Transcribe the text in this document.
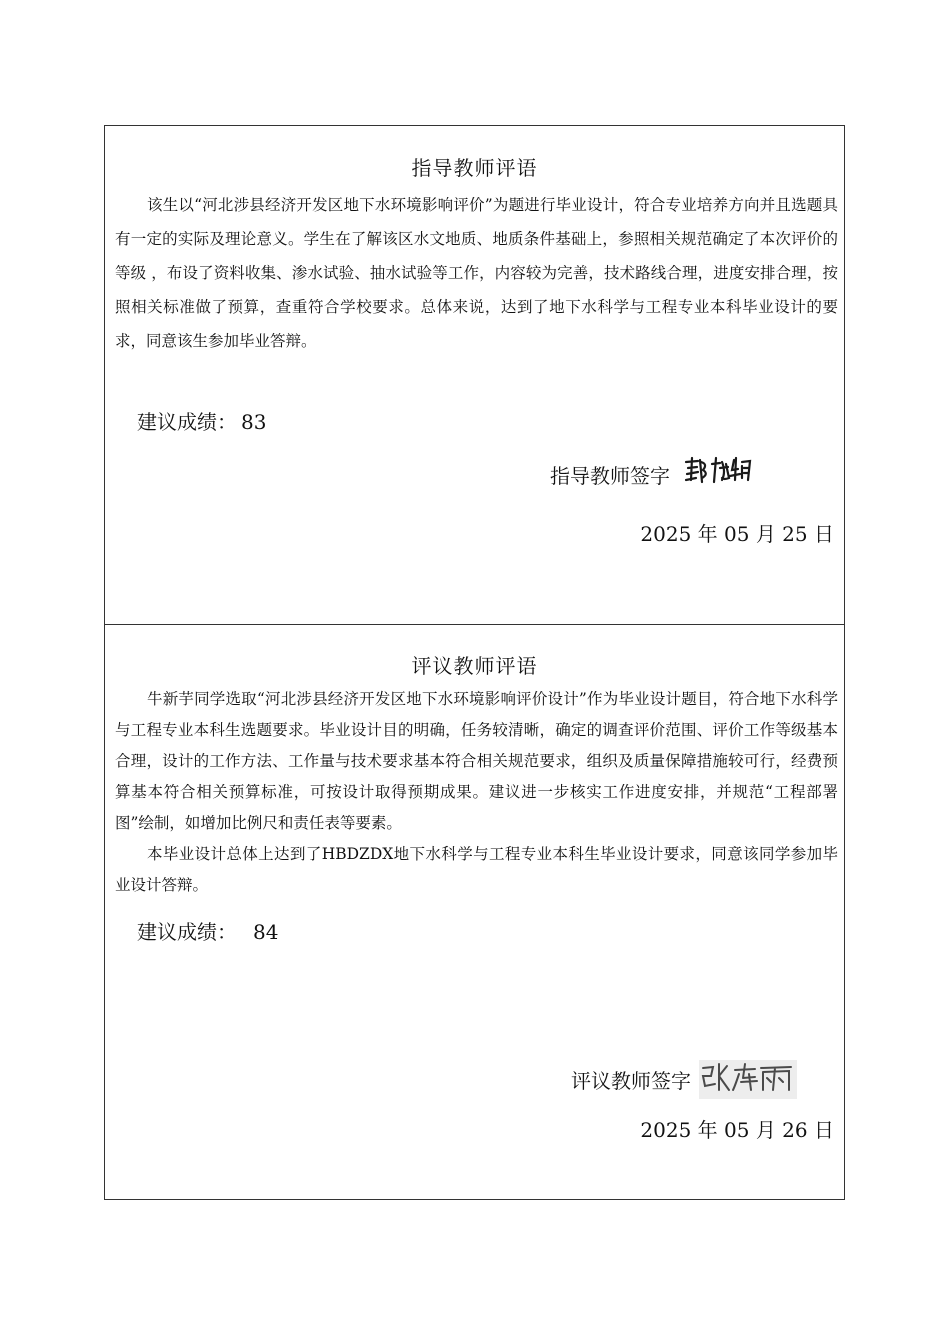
指导教师评语
该生以“河北涉县经济开发区地下水环境影响评价”为题进行毕业设计，符合专业培养方向并且选题具有一定的实际及理论意义。学生在了解该区水文地质、地质条件基础上，参照相关规范确定了本次评价的等级 ，布设了资料收集、渗水试验、抽水试验等工作，内容较为完善，技术路线合理，进度安排合理，按照相关标准做了预算，查重符合学校要求。总体来说，达到了地下水科学与工程专业本科毕业设计的要求，同意该生参加毕业答辩。
建议成绩： 83
指导教师签字
2025 年 05 月 25 日
评议教师评语

牛新芋同学选取“河北涉县经济开发区地下水环境影响评价设计”作为毕业设计题目，符合地下水科学与工程专业本科生选题要求。毕业设计目的明确，任务较清晰，确定的调查评价范围、评价工作等级基本合理，设计的工作方法、工作量与技术要求基本符合相关规范要求，组织及质量保障措施较可行，经费预算基本符合相关预算标准，可按设计取得预期成果。建议进一步核实工作进度安排，并规范“工程部署图”绘制，如增加比例尺和责任表等要素。

本毕业设计总体上达到了HBDZDX地下水科学与工程专业本科生毕业设计要求，同意该同学参加毕业设计答辩。

建议成绩： 84
评议教师签字
2025 年 05 月 26 日
